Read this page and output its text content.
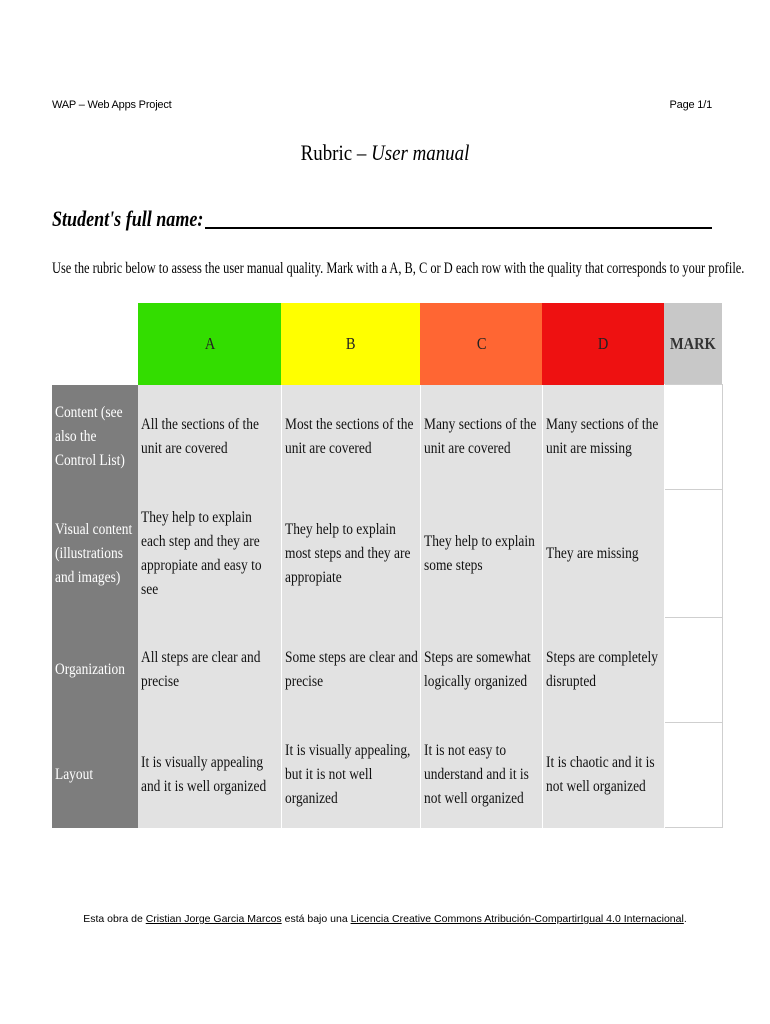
WAP – Web Apps Project	Page 1/1
Rubric – User manual
Student's full name:
Use the rubric below to assess the user manual quality. Mark with a A, B, C or D each row with the quality that corresponds to your profile.
	A	B	C	D	MARK

Content (see also the Control List)	All the sections of the unit are covered	Most the sections of the unit are covered	Many sections of the unit are covered	Many sections of the unit are missing	

Visual content (illustrations and images)	They help to explain each step and they are appropiate and easy to see	They help to explain most steps and they are appropiate	They help to explain some steps	They are missing	

Organization	All steps are clear and precise	Some steps are clear and precise	Steps are somewhat logically organized	Steps are completely disrupted	

Layout	It is visually appealing and it is well organized	It is visually appealing, but it is not well organized	It is not easy to understand and it is not well organized	It is chaotic and it is not well organized	

Esta obra de Cristian Jorge Garcia Marcos está bajo una Licencia Creative Commons Atribución-CompartirIgual 4.0 Internacional.
